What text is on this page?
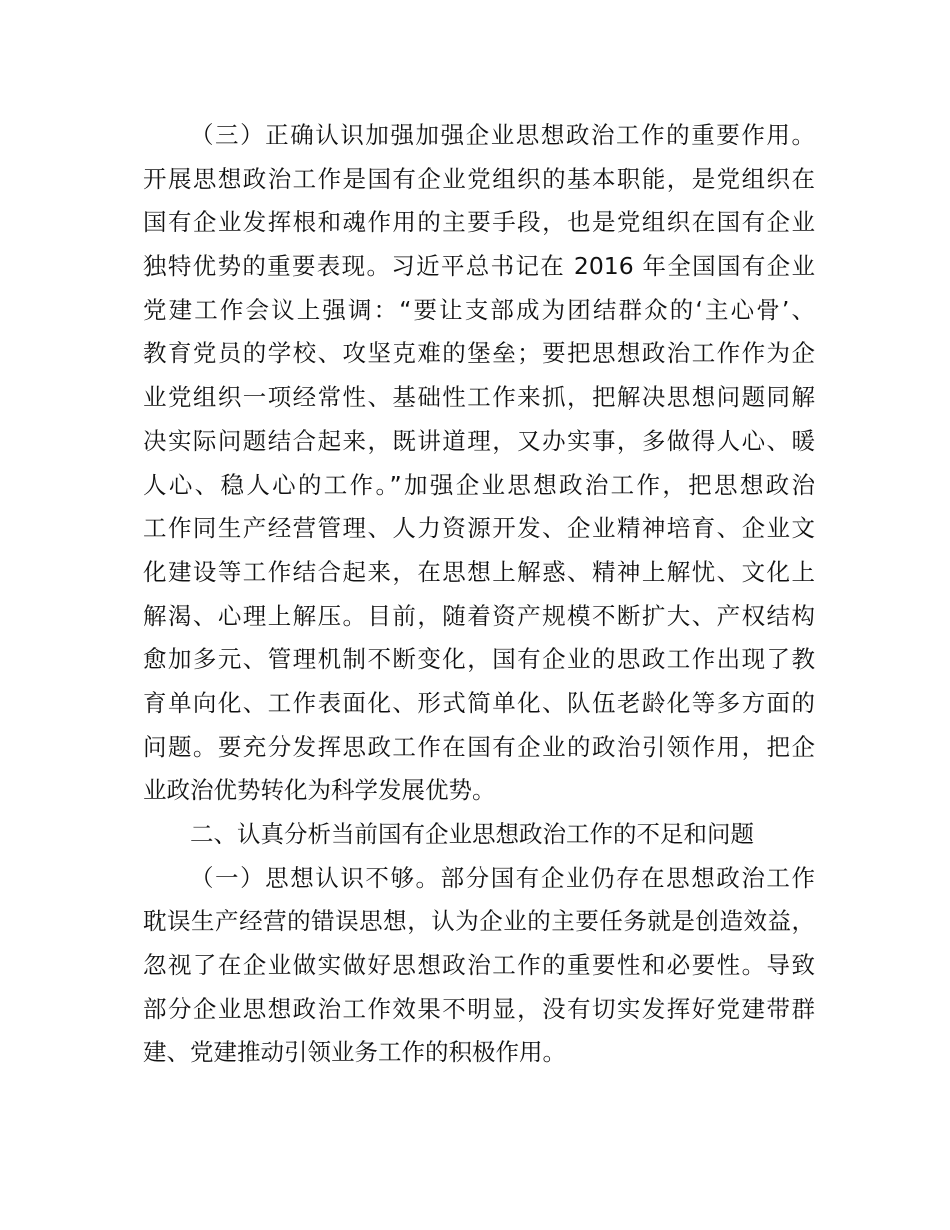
（三）正确认识加强加强企业思想政治工作的重要作用。
开展思想政治工作是国有企业党组织的基本职能，是党组织在
国有企业发挥根和魂作用的主要手段，也是党组织在国有企业
独特优势的重要表现。习近平总书记在 2016 年全国国有企业
党建工作会议上强调：“要让支部成为团结群众的‘主心骨’、
教育党员的学校、攻坚克难的堡垒；要把思想政治工作作为企
业党组织一项经常性、基础性工作来抓，把解决思想问题同解
决实际问题结合起来，既讲道理，又办实事，多做得人心、暖
人心、稳人心的工作。”加强企业思想政治工作，把思想政治
工作同生产经营管理、人力资源开发、企业精神培育、企业文
化建设等工作结合起来，在思想上解惑、精神上解忧、文化上
解渴、心理上解压。目前，随着资产规模不断扩大、产权结构
愈加多元、管理机制不断变化，国有企业的思政工作出现了教
育单向化、工作表面化、形式简单化、队伍老龄化等多方面的
问题。要充分发挥思政工作在国有企业的政治引领作用，把企
业政治优势转化为科学发展优势。
二、认真分析当前国有企业思想政治工作的不足和问题
（一）思想认识不够。部分国有企业仍存在思想政治工作
耽误生产经营的错误思想，认为企业的主要任务就是创造效益，
忽视了在企业做实做好思想政治工作的重要性和必要性。导致
部分企业思想政治工作效果不明显，没有切实发挥好党建带群
建、党建推动引领业务工作的积极作用。
